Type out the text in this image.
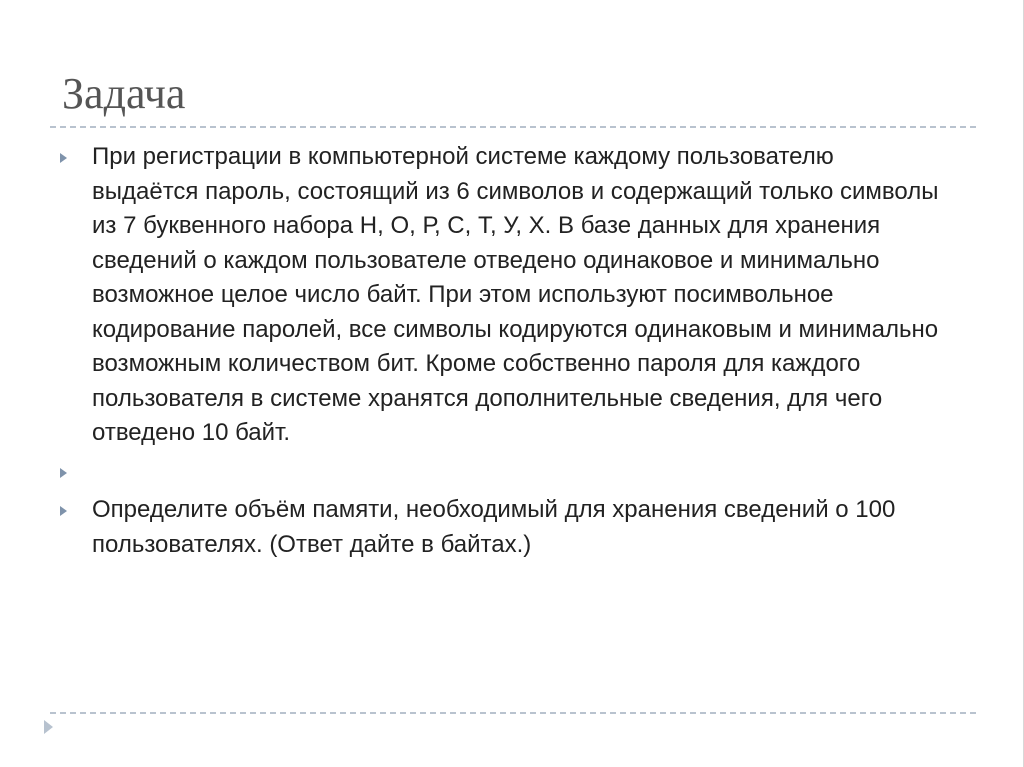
Задача
При регистрации в компьютерной системе каждому пользователю выдаётся пароль, состоящий из 6 символов и содержащий только символы из 7 буквенного набора Н, О, Р, С, Т, У, Х. В базе данных для хранения сведений о каждом пользователе отведено одинаковое и минимально возможное целое число байт. При этом используют посимвольное кодирование паролей, все символы кодируются одинаковым и минимально возможным количеством бит. Кроме собственно пароля для каждого пользователя в системе хранятся дополнительные сведения, для чего отведено 10 байт.
Определите объём памяти, необходимый для хранения сведений о 100 пользователях. (Ответ дайте в байтах.)
